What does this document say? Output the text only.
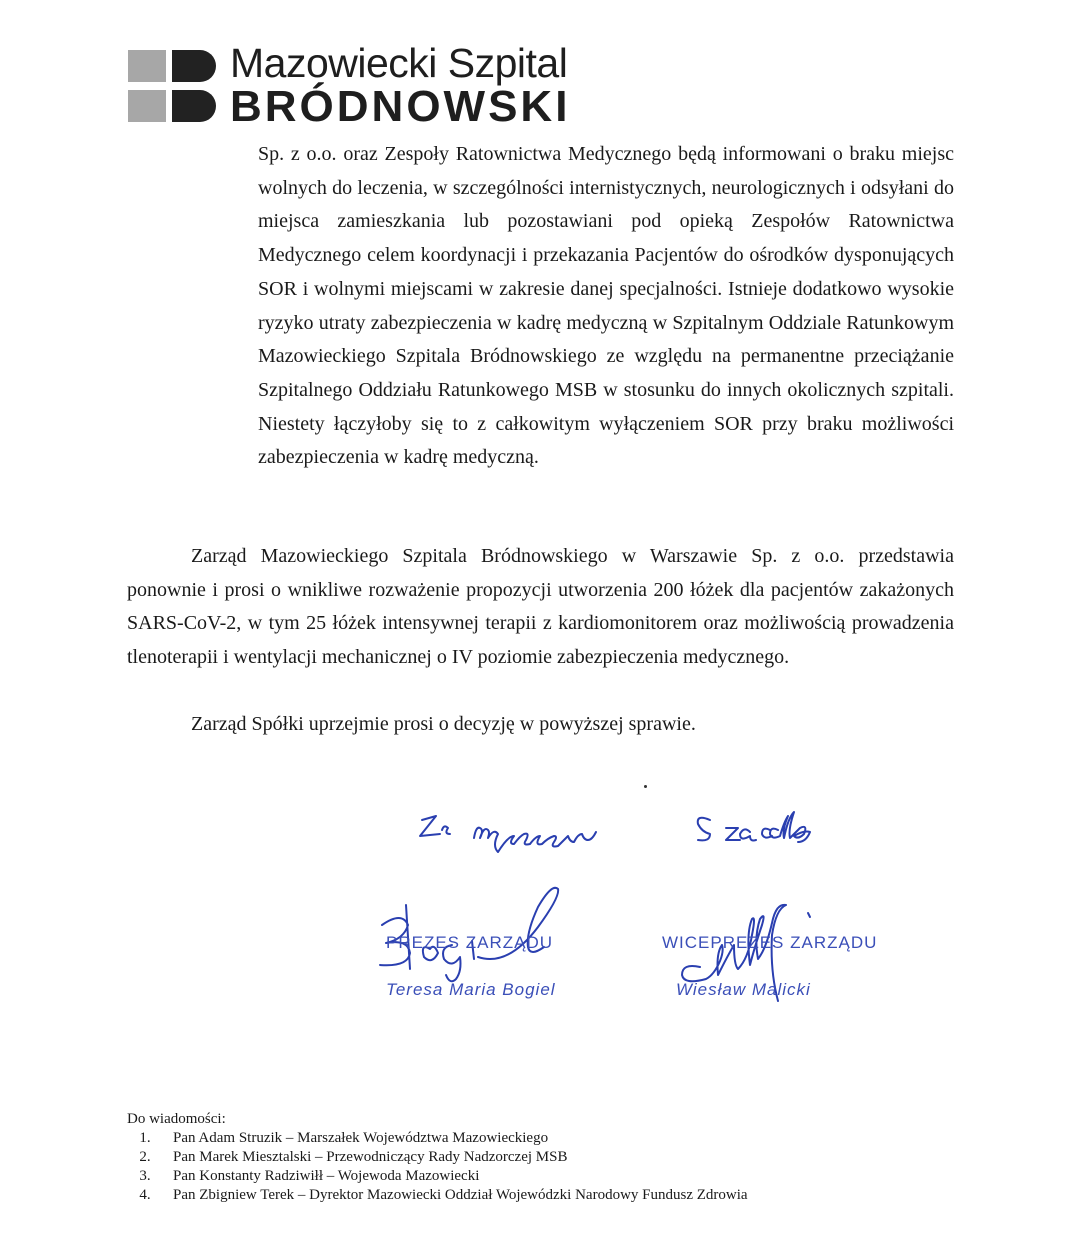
Mazowiecki Szpital
BRÓDNOWSKI

Sp. z o.o. oraz Zespoły Ratownictwa Medycznego będą informowani o braku miejsc wolnych do leczenia, w szczególności internistycznych, neurologicznych i odsyłani do miejsca zamieszkania lub pozostawiani pod opieką Zespołów Ratownictwa Medycznego celem koordynacji i przekazania Pacjentów do ośrodków dysponujących SOR i wolnymi miejscami w zakresie danej specjalności. Istnieje dodatkowo wysokie ryzyko utraty zabezpieczenia w kadrę medyczną w Szpitalnym Oddziale Ratunkowym Mazowieckiego Szpitala Bródnowskiego ze względu na permanentne przeciążanie Szpitalnego Oddziału Ratunkowego MSB w stosunku do innych okolicznych szpitali. Niestety łączyłoby się to z całkowitym wyłączeniem SOR przy braku możliwości zabezpieczenia w kadrę medyczną.

Zarząd Mazowieckiego Szpitala Bródnowskiego w Warszawie Sp. z o.o. przedstawia ponownie i prosi o wnikliwe rozważenie propozycji utworzenia 200 łóżek dla pacjentów zakażonych SARS-CoV-2, w tym 25 łóżek intensywnej terapii z kardiomonitorem oraz możliwością prowadzenia tlenoterapii i wentylacji mechanicznej o IV poziomie zabezpieczenia medycznego.

Zarząd Spółki uprzejmie prosi o decyzję w powyższej sprawie.

PREZES ZARZĄDU
Teresa Maria Bogiel
WICEPREZES ZARZĄDU
Wiesław Malicki
Do wiadomości:
1.	Pan Adam Struzik – Marszałek Województwa Mazowieckiego
2.	Pan Marek Miesztalski – Przewodniczący Rady Nadzorczej MSB
3.	Pan Konstanty Radziwiłł – Wojewoda Mazowiecki
4.	Pan Zbigniew Terek – Dyrektor Mazowiecki Oddział Wojewódzki Narodowy Fundusz Zdrowia
